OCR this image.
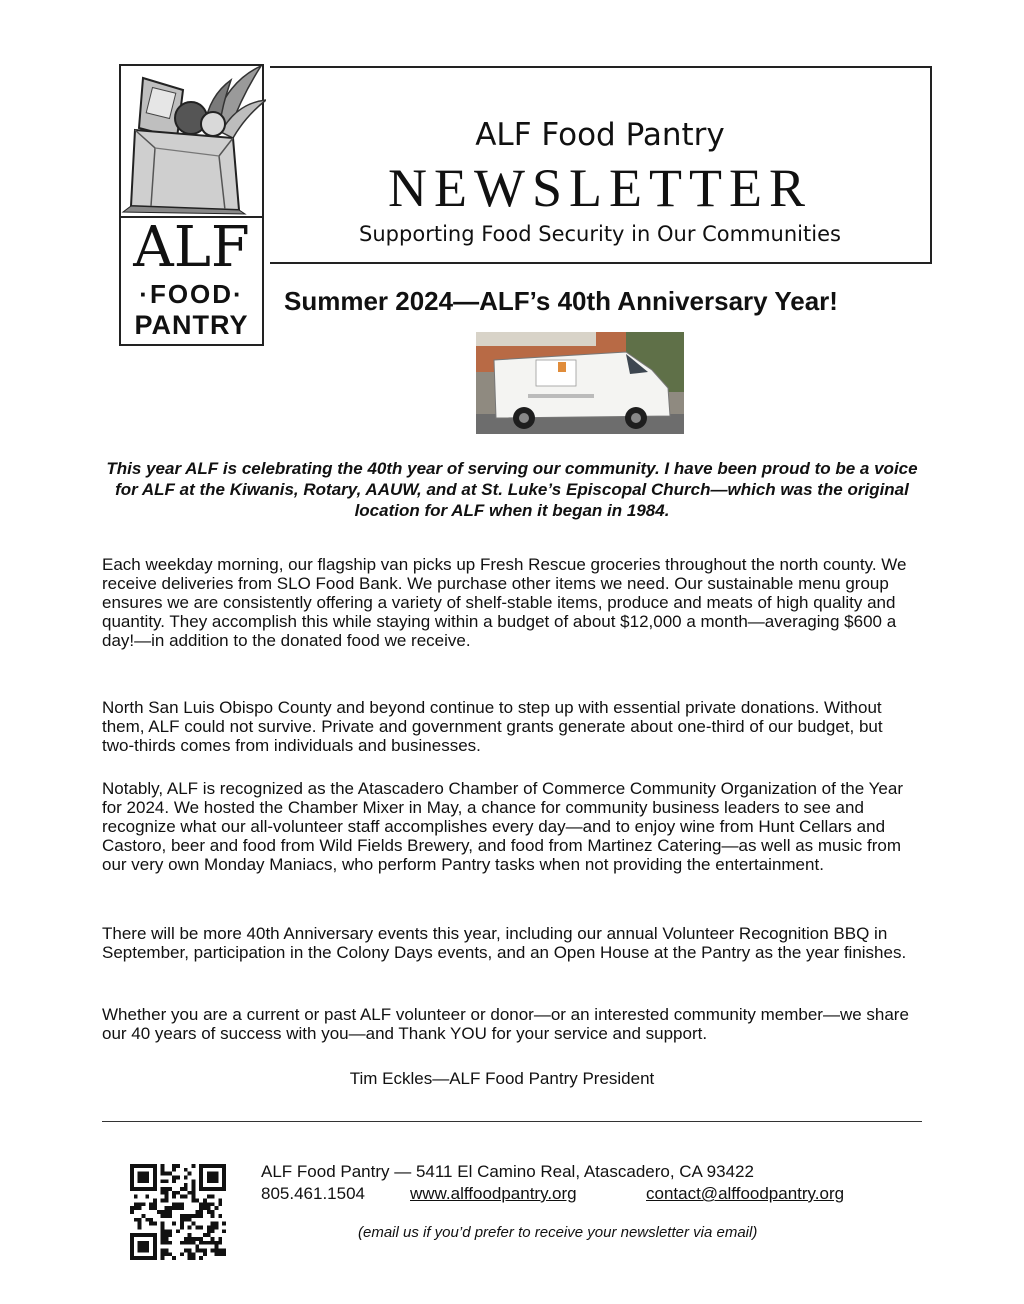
ALF
·FOOD·
PANTRY
ALF Food Pantry
NEWSLETTER
Supporting Food Security in Our Communities
Summer 2024—ALF’s 40th Anniversary Year!
This year ALF is celebrating the 40th year of serving our community. I have been proud to be a voice for ALF at the Kiwanis, Rotary, AAUW, and at St. Luke’s Episcopal Church—which was the original location for ALF when it began in 1984.

Each weekday morning, our flagship van picks up Fresh Rescue groceries throughout the north county. We receive deliveries from SLO Food Bank. We purchase other items we need. Our sustainable menu group ensures we are consistently offering a variety of shelf-stable items, produce and meats of high quality and quantity. They accomplish this while staying within a budget of about $12,000 a month—averaging $600 a day!—in addition to the donated food we receive.

North San Luis Obispo County and beyond continue to step up with essential private donations. Without them, ALF could not survive. Private and government grants generate about one-third of our budget, but two-thirds comes from individuals and businesses.

Notably, ALF is recognized as the Atascadero Chamber of Commerce Community Organization of the Year for 2024. We hosted the Chamber Mixer in May, a chance for community business leaders to see and recognize what our all-volunteer staff accomplishes every day—and to enjoy wine from Hunt Cellars and Castoro, beer and food from Wild Fields Brewery, and food from Martinez Catering—as well as music from our very own Monday Maniacs, who perform Pantry tasks when not providing the entertainment.

There will be more 40th Anniversary events this year, including our annual Volunteer Recognition BBQ in September, participation in the Colony Days events, and an Open House at the Pantry as the year finishes.

Whether you are a current or past ALF volunteer or donor—or an interested community member—we share our 40 years of success with you—and Thank YOU for your service and support.

Tim Eckles—ALF Food Pantry President
ALF Food Pantry — 5411 El Camino Real, Atascadero, CA 93422
805.461.1504	www.alffoodpantry.org	contact@alffoodpantry.org
(email us if you’d prefer to receive your newsletter via email)
